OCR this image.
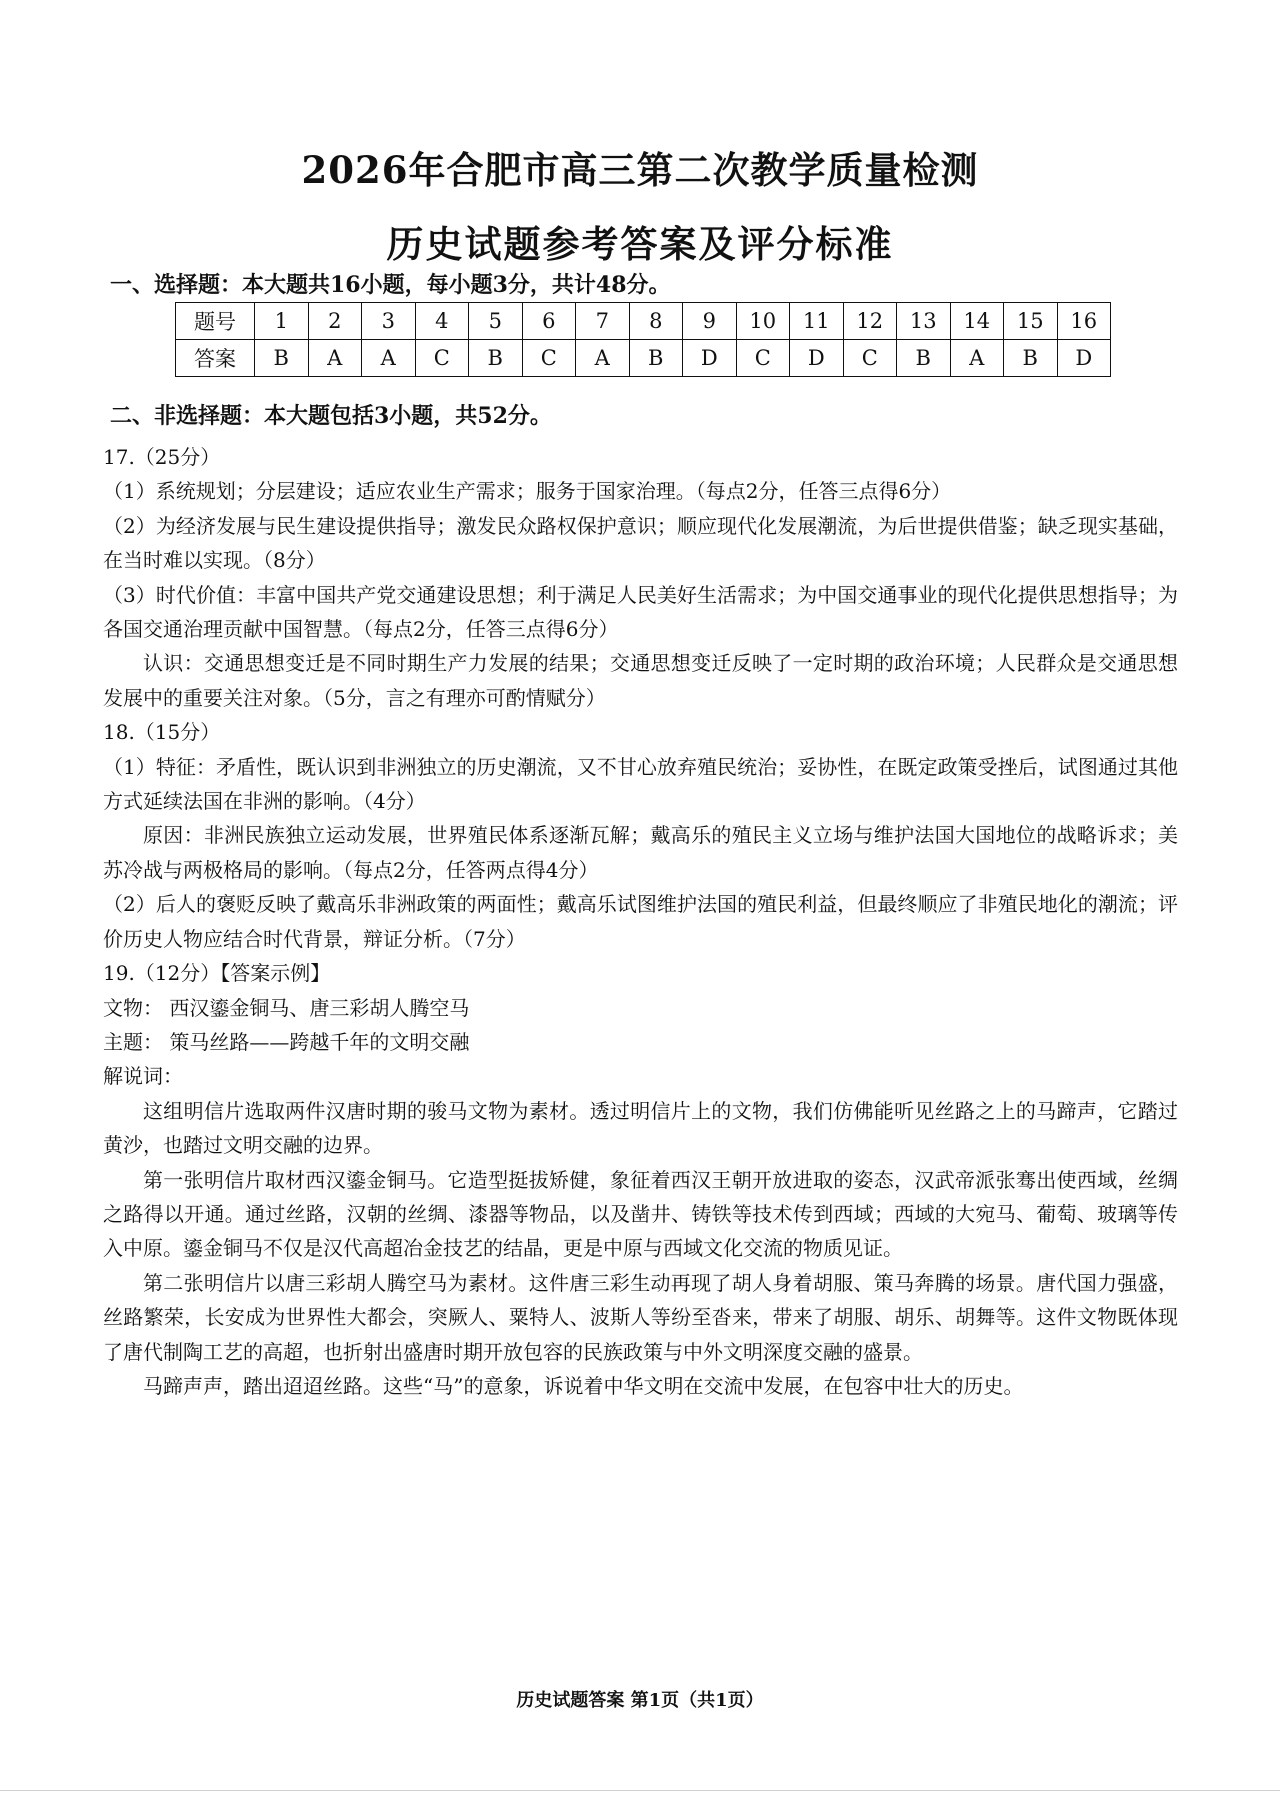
2026年合肥市高三第二次教学质量检测
历史试题参考答案及评分标准
一、选择题：本大题共16小题，每小题3分，共计48分。
题号	1	2	3	4	5	6	7	8	9	10	11	12	13	14	15	16
答案	B	A	A	C	B	C	A	B	D	C	D	C	B	A	B	D
二、非选择题：本大题包括3小题，共52分。

17.（25分）

（1）系统规划；分层建设；适应农业生产需求；服务于国家治理。（每点2分，任答三点得6分）

（2）为经济发展与民生建设提供指导；激发民众路权保护意识；顺应现代化发展潮流，为后世提供借鉴；缺乏现实基础，在当时难以实现。（8分）

（3）时代价值：丰富中国共产党交通建设思想；利于满足人民美好生活需求；为中国交通事业的现代化提供思想指导；为各国交通治理贡献中国智慧。（每点2分，任答三点得6分）

认识：交通思想变迁是不同时期生产力发展的结果；交通思想变迁反映了一定时期的政治环境；人民群众是交通思想发展中的重要关注对象。（5分，言之有理亦可酌情赋分）

18.（15分）

（1）特征：矛盾性，既认识到非洲独立的历史潮流，又不甘心放弃殖民统治；妥协性，在既定政策受挫后，试图通过其他方式延续法国在非洲的影响。（4分）

原因：非洲民族独立运动发展，世界殖民体系逐渐瓦解；戴高乐的殖民主义立场与维护法国大国地位的战略诉求；美苏冷战与两极格局的影响。（每点2分，任答两点得4分）

（2）后人的褒贬反映了戴高乐非洲政策的两面性；戴高乐试图维护法国的殖民利益，但最终顺应了非殖民地化的潮流；评价历史人物应结合时代背景，辩证分析。（7分）

19.（12分）【答案示例】

文物： 西汉鎏金铜马、唐三彩胡人腾空马

主题： 策马丝路——跨越千年的文明交融

解说词：

这组明信片选取两件汉唐时期的骏马文物为素材。透过明信片上的文物，我们仿佛能听见丝路之上的马蹄声，它踏过黄沙，也踏过文明交融的边界。

第一张明信片取材西汉鎏金铜马。它造型挺拔矫健，象征着西汉王朝开放进取的姿态，汉武帝派张骞出使西域，丝绸之路得以开通。通过丝路，汉朝的丝绸、漆器等物品，以及凿井、铸铁等技术传到西域；西域的大宛马、葡萄、玻璃等传入中原。鎏金铜马不仅是汉代高超冶金技艺的结晶，更是中原与西域文化交流的物质见证。

第二张明信片以唐三彩胡人腾空马为素材。这件唐三彩生动再现了胡人身着胡服、策马奔腾的场景。唐代国力强盛，丝路繁荣，长安成为世界性大都会，突厥人、粟特人、波斯人等纷至沓来，带来了胡服、胡乐、胡舞等。这件文物既体现了唐代制陶工艺的高超，也折射出盛唐时期开放包容的民族政策与中外文明深度交融的盛景。

马蹄声声，踏出迢迢丝路。这些“马”的意象，诉说着中华文明在交流中发展，在包容中壮大的历史。

历史试题答案 第1页（共1页）
